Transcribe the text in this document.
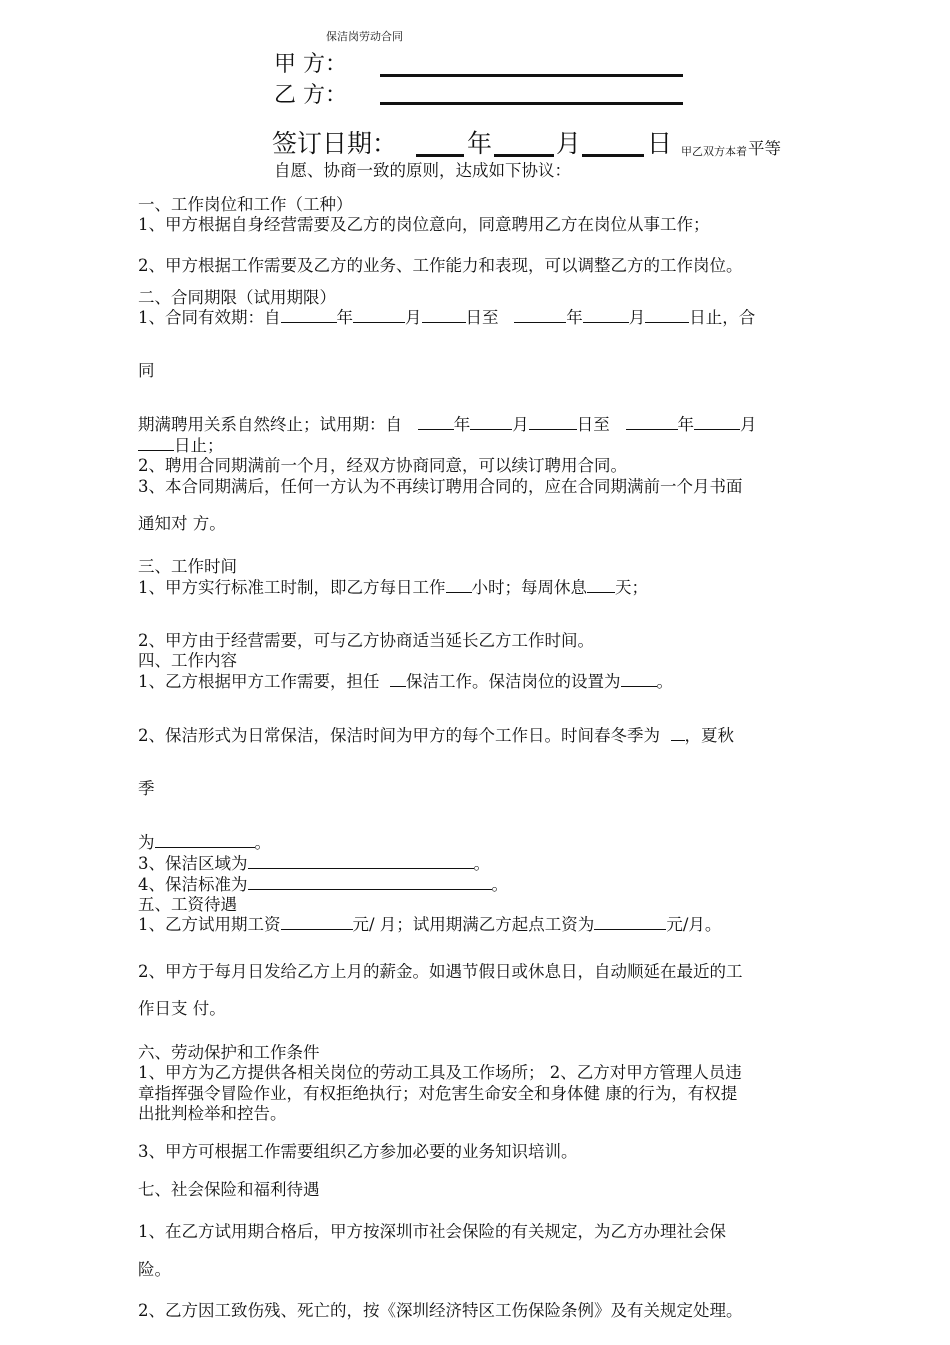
保洁岗劳动合同
甲 方：
乙 方：
签订日期：	年	月	日 甲乙双方本着 平等
自愿、协商一致的原则，达成如下协议：
一、工作岗位和工作（工种）
1、甲方根据自身经营需要及乙方的岗位意向，同意聘用乙方在岗位从事工作；
2、甲方根据工作需要及乙方的业务、工作能力和表现，可以调整乙方的工作岗位。
二、合同期限（试用期限）
1、合同有效期：自	年	月	日至	年	月	日止，合
同
期满聘用关系自然终止；试用期：自	年	月	日至	年	月
日止；
2、聘用合同期满前一个月，经双方协商同意，可以续订聘用合同。
3、本合同期满后，任何一方认为不再续订聘用合同的，应在合同期满前一个月书面
通知对 方。
三、工作时间
1、甲方实行标准工时制，即乙方每日工作 小时；每周休息 天；
2、甲方由于经营需要，可与乙方协商适当延长乙方工作时间。
四、工作内容
1、乙方根据甲方工作需要，担任 保洁工作。保洁岗位的设置为 。
2、保洁形式为日常保洁，保洁时间为甲方的每个工作日。时间春冬季为 ，夏秋
季
为	。
3、保洁区域为	。
4、保洁标准为	。
五、工资待遇
1、乙方试用期工资	元/ 月；试用期满乙方起点工资为	元/月。
2、甲方于每月日发给乙方上月的薪金。如遇节假日或休息日，自动顺延在最近的工
作日支 付。
六、劳动保护和工作条件
1、甲方为乙方提供各相关岗位的劳动工具及工作场所； 2、乙方对甲方管理人员违
章指挥强令冒险作业，有权拒绝执行；对危害生命安全和身体健 康的行为，有权提
出批判检举和控告。
3、甲方可根据工作需要组织乙方参加必要的业务知识培训。
七、社会保险和福利待遇
1、在乙方试用期合格后，甲方按深圳市社会保险的有关规定，为乙方办理社会保
险。
2、乙方因工致伤残、死亡的，按《深圳经济特区工伤保险条例》及有关规定处理。
